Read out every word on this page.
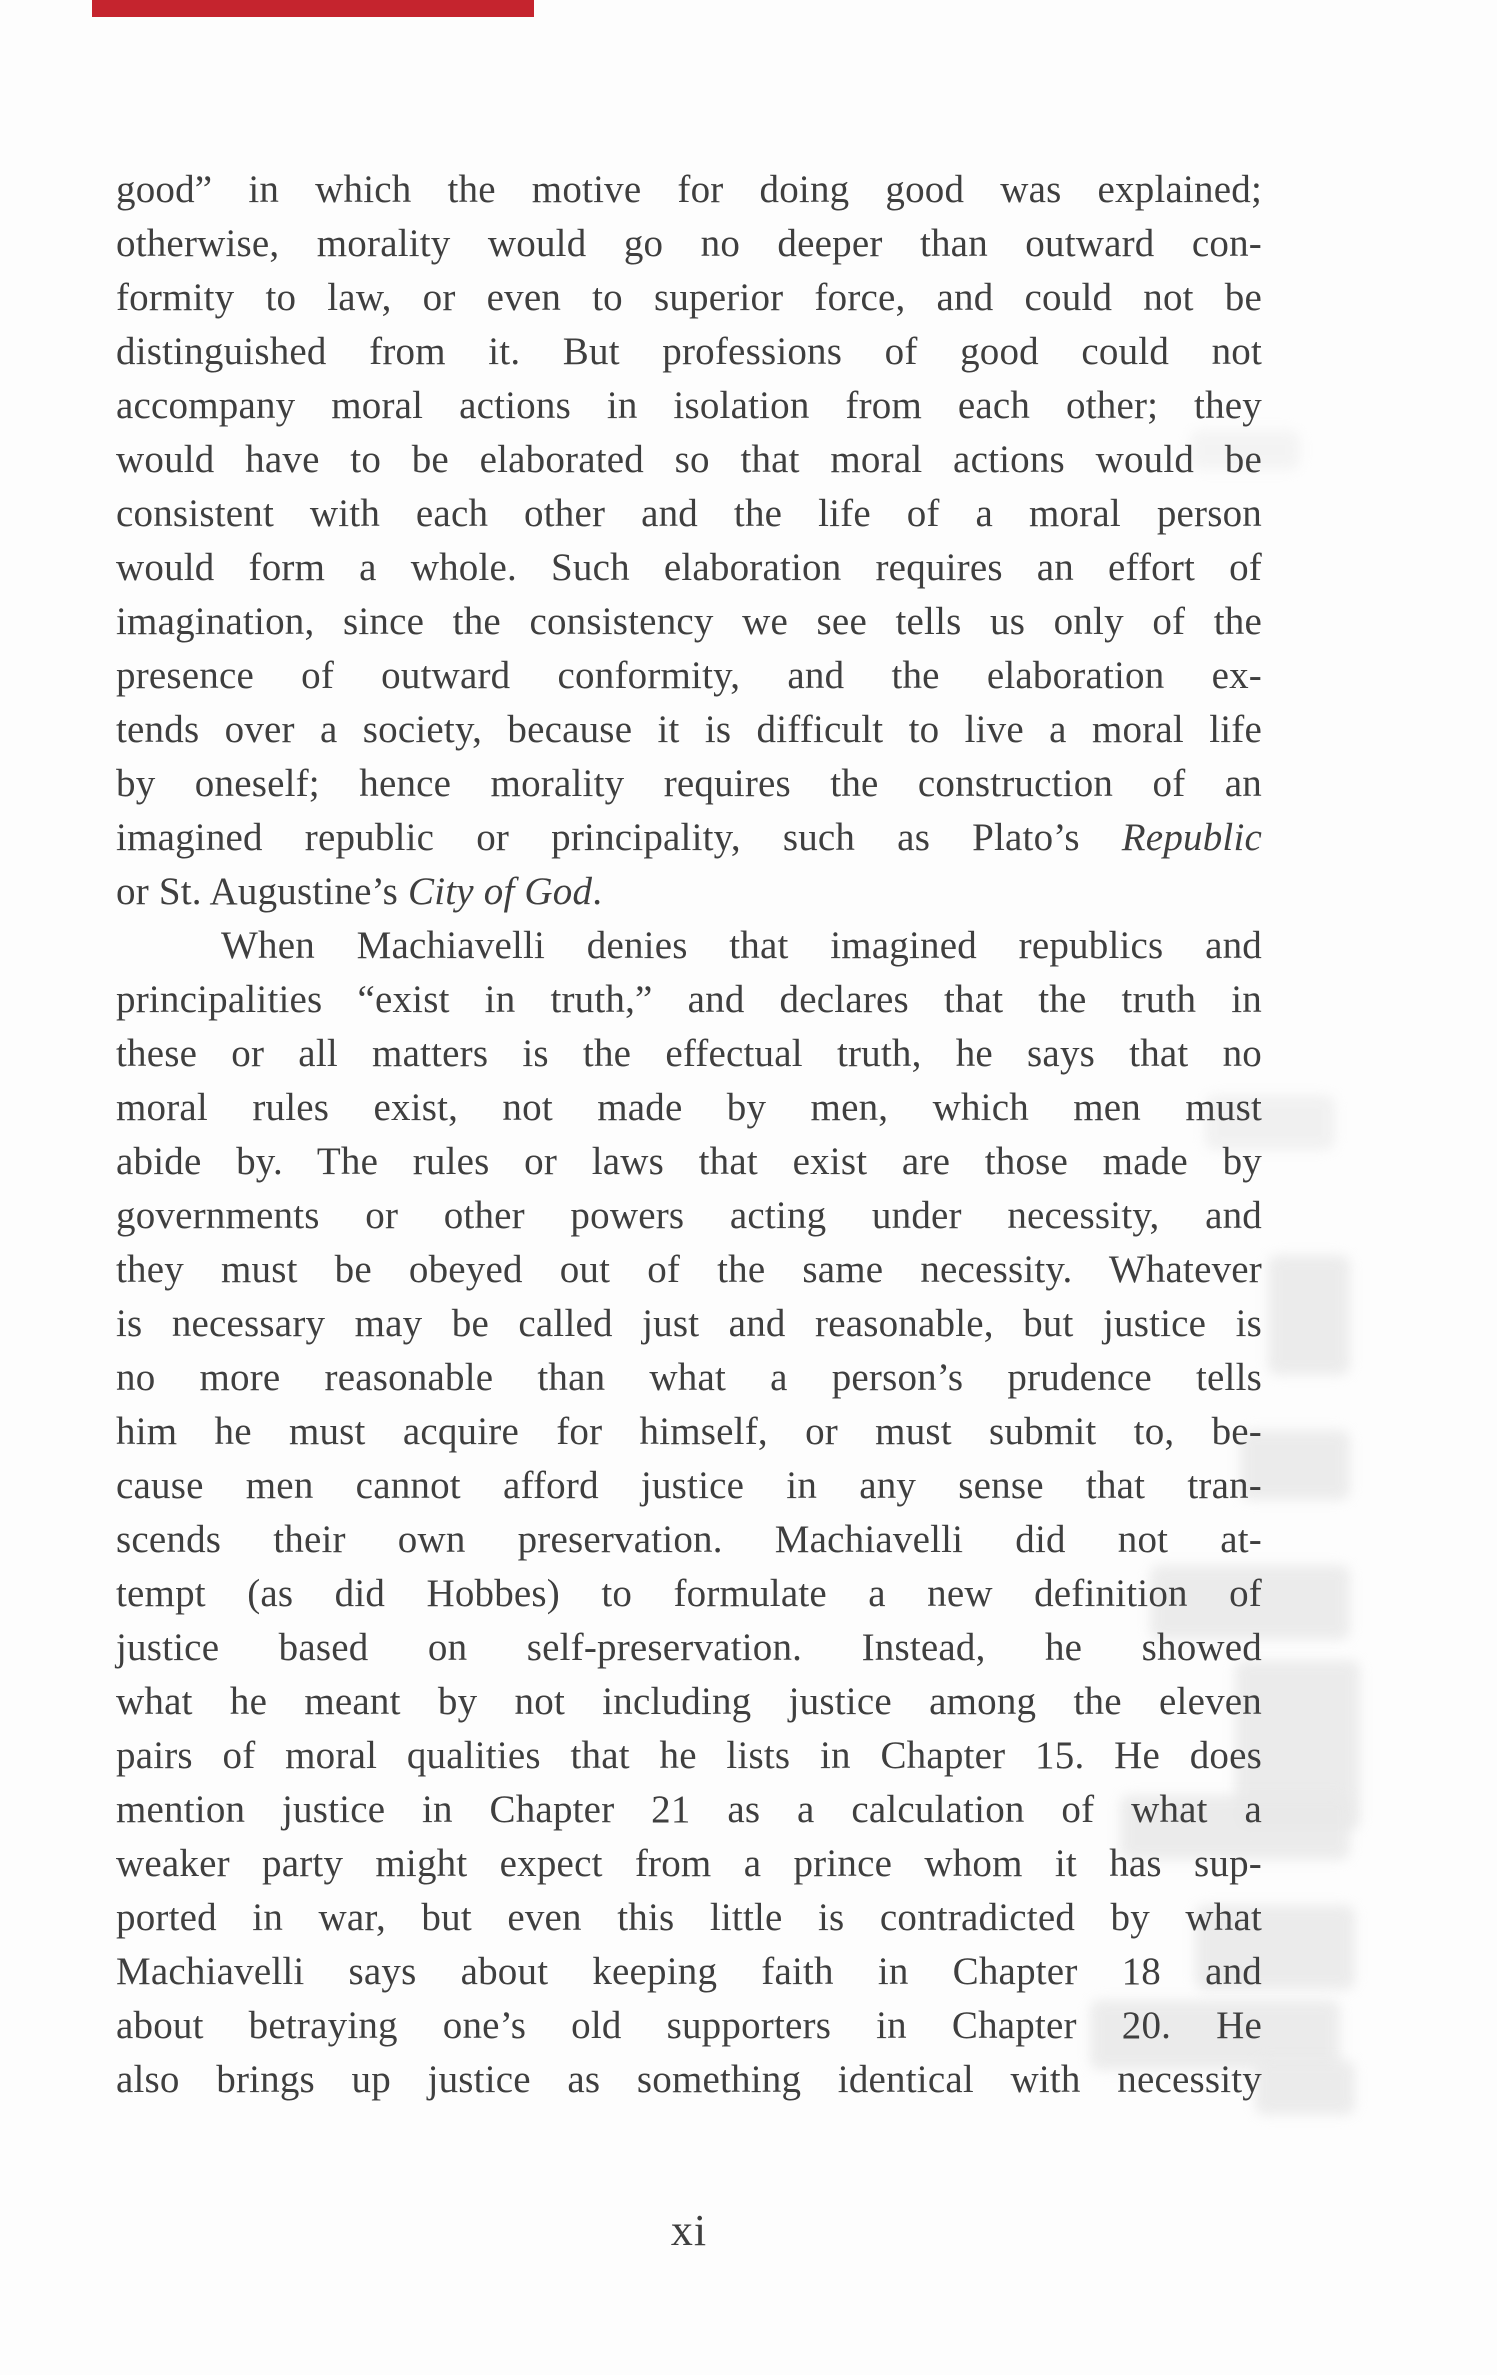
good” in which the motive for doing good was explained;
otherwise, morality would go no deeper than outward con-
formity to law, or even to superior force, and could not be
distinguished from it. But professions of good could not
accompany moral actions in isolation from each other; they
would have to be elaborated so that moral actions would be
consistent with each other and the life of a moral person
would form a whole. Such elaboration requires an effort of
imagination, since the consistency we see tells us only of the
presence of outward conformity, and the elaboration ex-
tends over a society, because it is difficult to live a moral life
by oneself; hence morality requires the construction of an
imagined republic or principality, such as Plato’s Republic
or St. Augustine’s City of God.
When Machiavelli denies that imagined republics and
principalities “exist in truth,” and declares that the truth in
these or all matters is the effectual truth, he says that no
moral rules exist, not made by men, which men must
abide by. The rules or laws that exist are those made by
governments or other powers acting under necessity, and
they must be obeyed out of the same necessity. Whatever
is necessary may be called just and reasonable, but justice is
no more reasonable than what a person’s prudence tells
him he must acquire for himself, or must submit to, be-
cause men cannot afford justice in any sense that tran-
scends their own preservation. Machiavelli did not at-
tempt (as did Hobbes) to formulate a new definition of
justice based on self-preservation. Instead, he showed
what he meant by not including justice among the eleven
pairs of moral qualities that he lists in Chapter 15. He does
mention justice in Chapter 21 as a calculation of what a
weaker party might expect from a prince whom it has sup-
ported in war, but even this little is contradicted by what
Machiavelli says about keeping faith in Chapter 18 and
about betraying one’s old supporters in Chapter 20. He
also brings up justice as something identical with necessity
xi
